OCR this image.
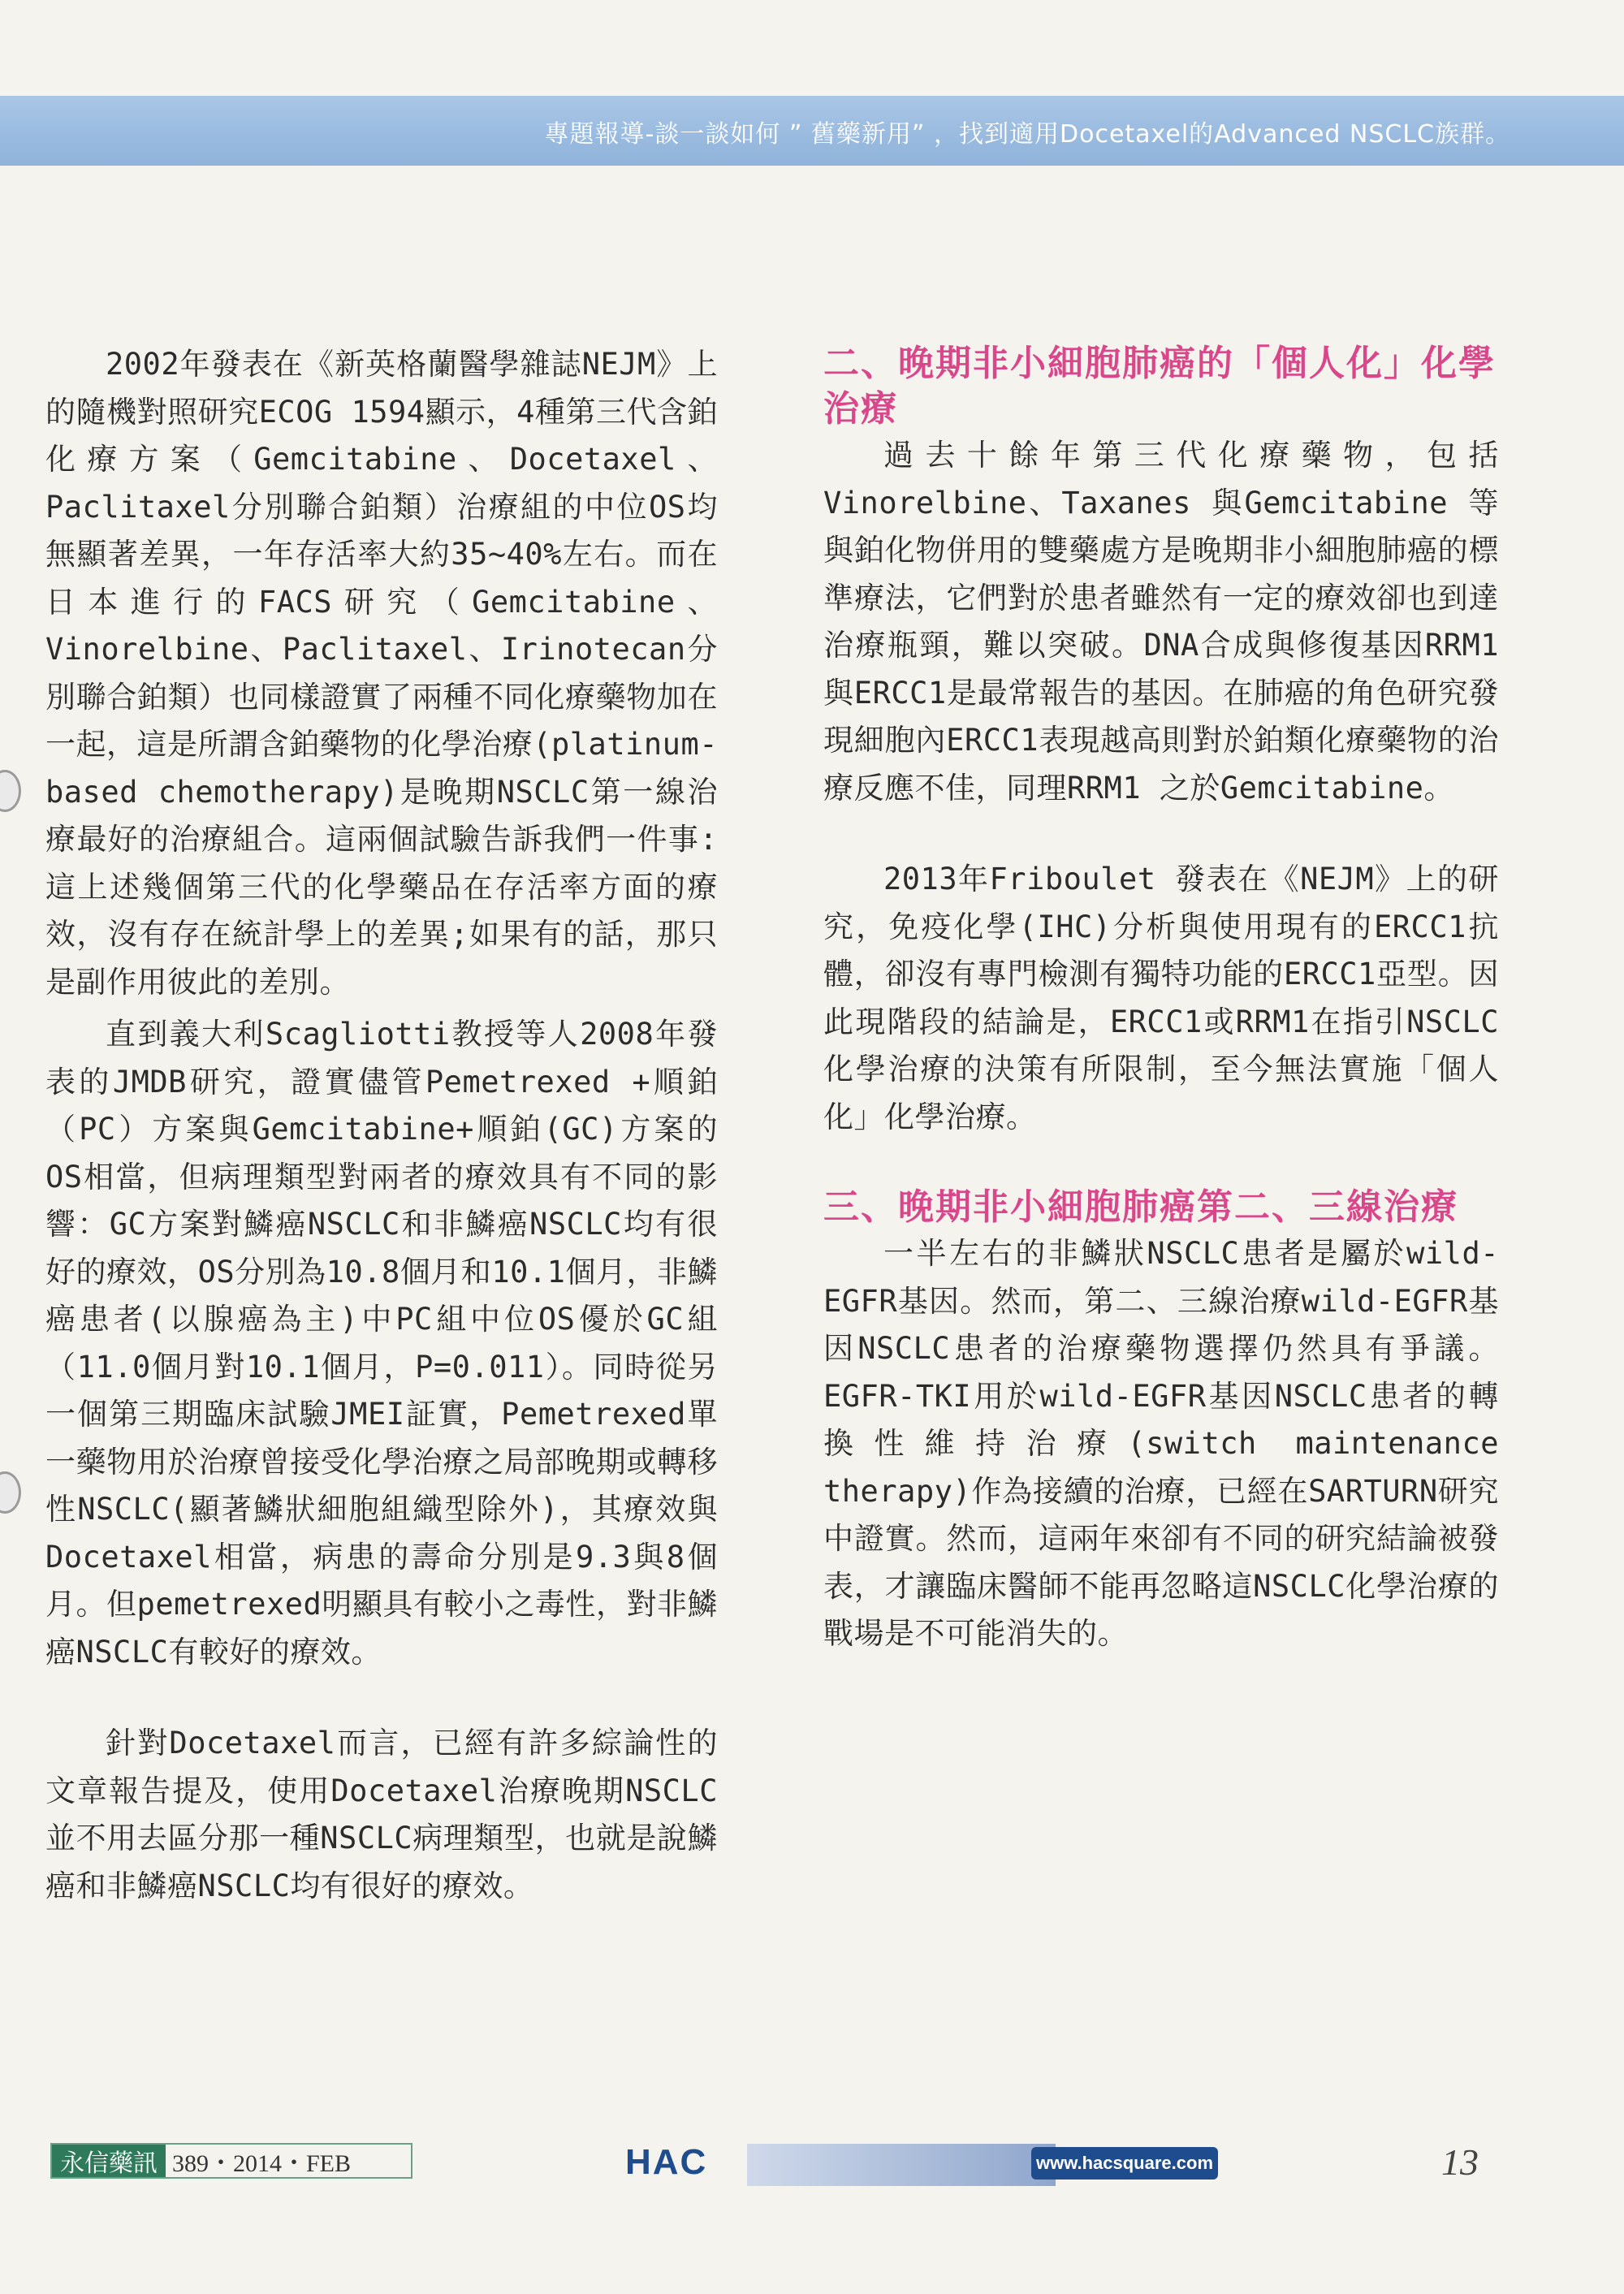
專題報導-談一談如何 ” 舊藥新用” ，找到適用Docetaxel的Advanced NSCLC族群。

2002年發表在《新英格蘭醫學雜誌NEJM》上的隨機對照研究ECOG 1594顯示，4種第三代含鉑化療方案（Gemcitabine、Docetaxel、Paclitaxel分別聯合鉑類）治療組的中位OS均無顯著差異，一年存活率大約35~40%左右。而在日本進行的FACS研究（Gemcitabine、Vinorelbine、Paclitaxel、Irinotecan分別聯合鉑類）也同樣證實了兩種不同化療藥物加在一起，這是所謂含鉑藥物的化學治療(platinum-based chemotherapy)是晚期NSCLC第一線治療最好的治療組合。這兩個試驗告訴我們一件事:這上述幾個第三代的化學藥品在存活率方面的療效，沒有存在統計學上的差異;如果有的話，那只是副作用彼此的差別。

直到義大利Scagliotti教授等人2008年發表的JMDB研究，證實儘管Pemetrexed +順鉑（PC）方案與Gemcitabine+順鉑(GC)方案的OS相當，但病理類型對兩者的療效具有不同的影響：GC方案對鱗癌NSCLC和非鱗癌NSCLC均有很好的療效，OS分別為10.8個月和10.1個月，非鱗癌患者(以腺癌為主)中PC組中位OS優於GC組（11.0個月對10.1個月，P=0.011）。同時從另一個第三期臨床試驗JMEI証實，Pemetrexed單一藥物用於治療曾接受化學治療之局部晚期或轉移性NSCLC(顯著鱗狀細胞組織型除外)，其療效與Docetaxel相當，病患的壽命分別是9.3與8個月。但pemetrexed明顯具有較小之毒性，對非鱗癌NSCLC有較好的療效。

針對Docetaxel而言，已經有許多綜論性的文章報告提及，使用Docetaxel治療晚期NSCLC並不用去區分那一種NSCLC病理類型，也就是說鱗癌和非鱗癌NSCLC均有很好的療效。

二、晚期非小細胞肺癌的「個人化」化學治療

過去十餘年第三代化療藥物，包括Vinorelbine、Taxanes 與Gemcitabine 等與鉑化物併用的雙藥處方是晚期非小細胞肺癌的標準療法，它們對於患者雖然有一定的療效卻也到達治療瓶頸，難以突破。DNA合成與修復基因RRM1與ERCC1是最常報告的基因。在肺癌的角色研究發現細胞內ERCC1表現越高則對於鉑類化療藥物的治療反應不佳，同理RRM1 之於Gemcitabine。

2013年Friboulet 發表在《NEJM》上的研究，免疫化學(IHC)分析與使用現有的ERCC1抗體，卻沒有專門檢測有獨特功能的ERCC1亞型。因此現階段的結論是，ERCC1或RRM1在指引NSCLC化學治療的決策有所限制，至今無法實施「個人化」化學治療。

三、晚期非小細胞肺癌第二、三線治療

一半左右的非鱗狀NSCLC患者是屬於wild-EGFR基因。然而，第二、三線治療wild-EGFR基因NSCLC患者的治療藥物選擇仍然具有爭議。EGFR-TKI用於wild-EGFR基因NSCLC患者的轉換性維持治療(switch maintenance therapy)作為接續的治療，已經在SARTURN研究中證實。然而，這兩年來卻有不同的研究結論被發表，才讓臨床醫師不能再忽略這NSCLC化學治療的戰場是不可能消失的。

永信藥訊 389・2014・FEB	HAC	www.hacsquare.com	13
